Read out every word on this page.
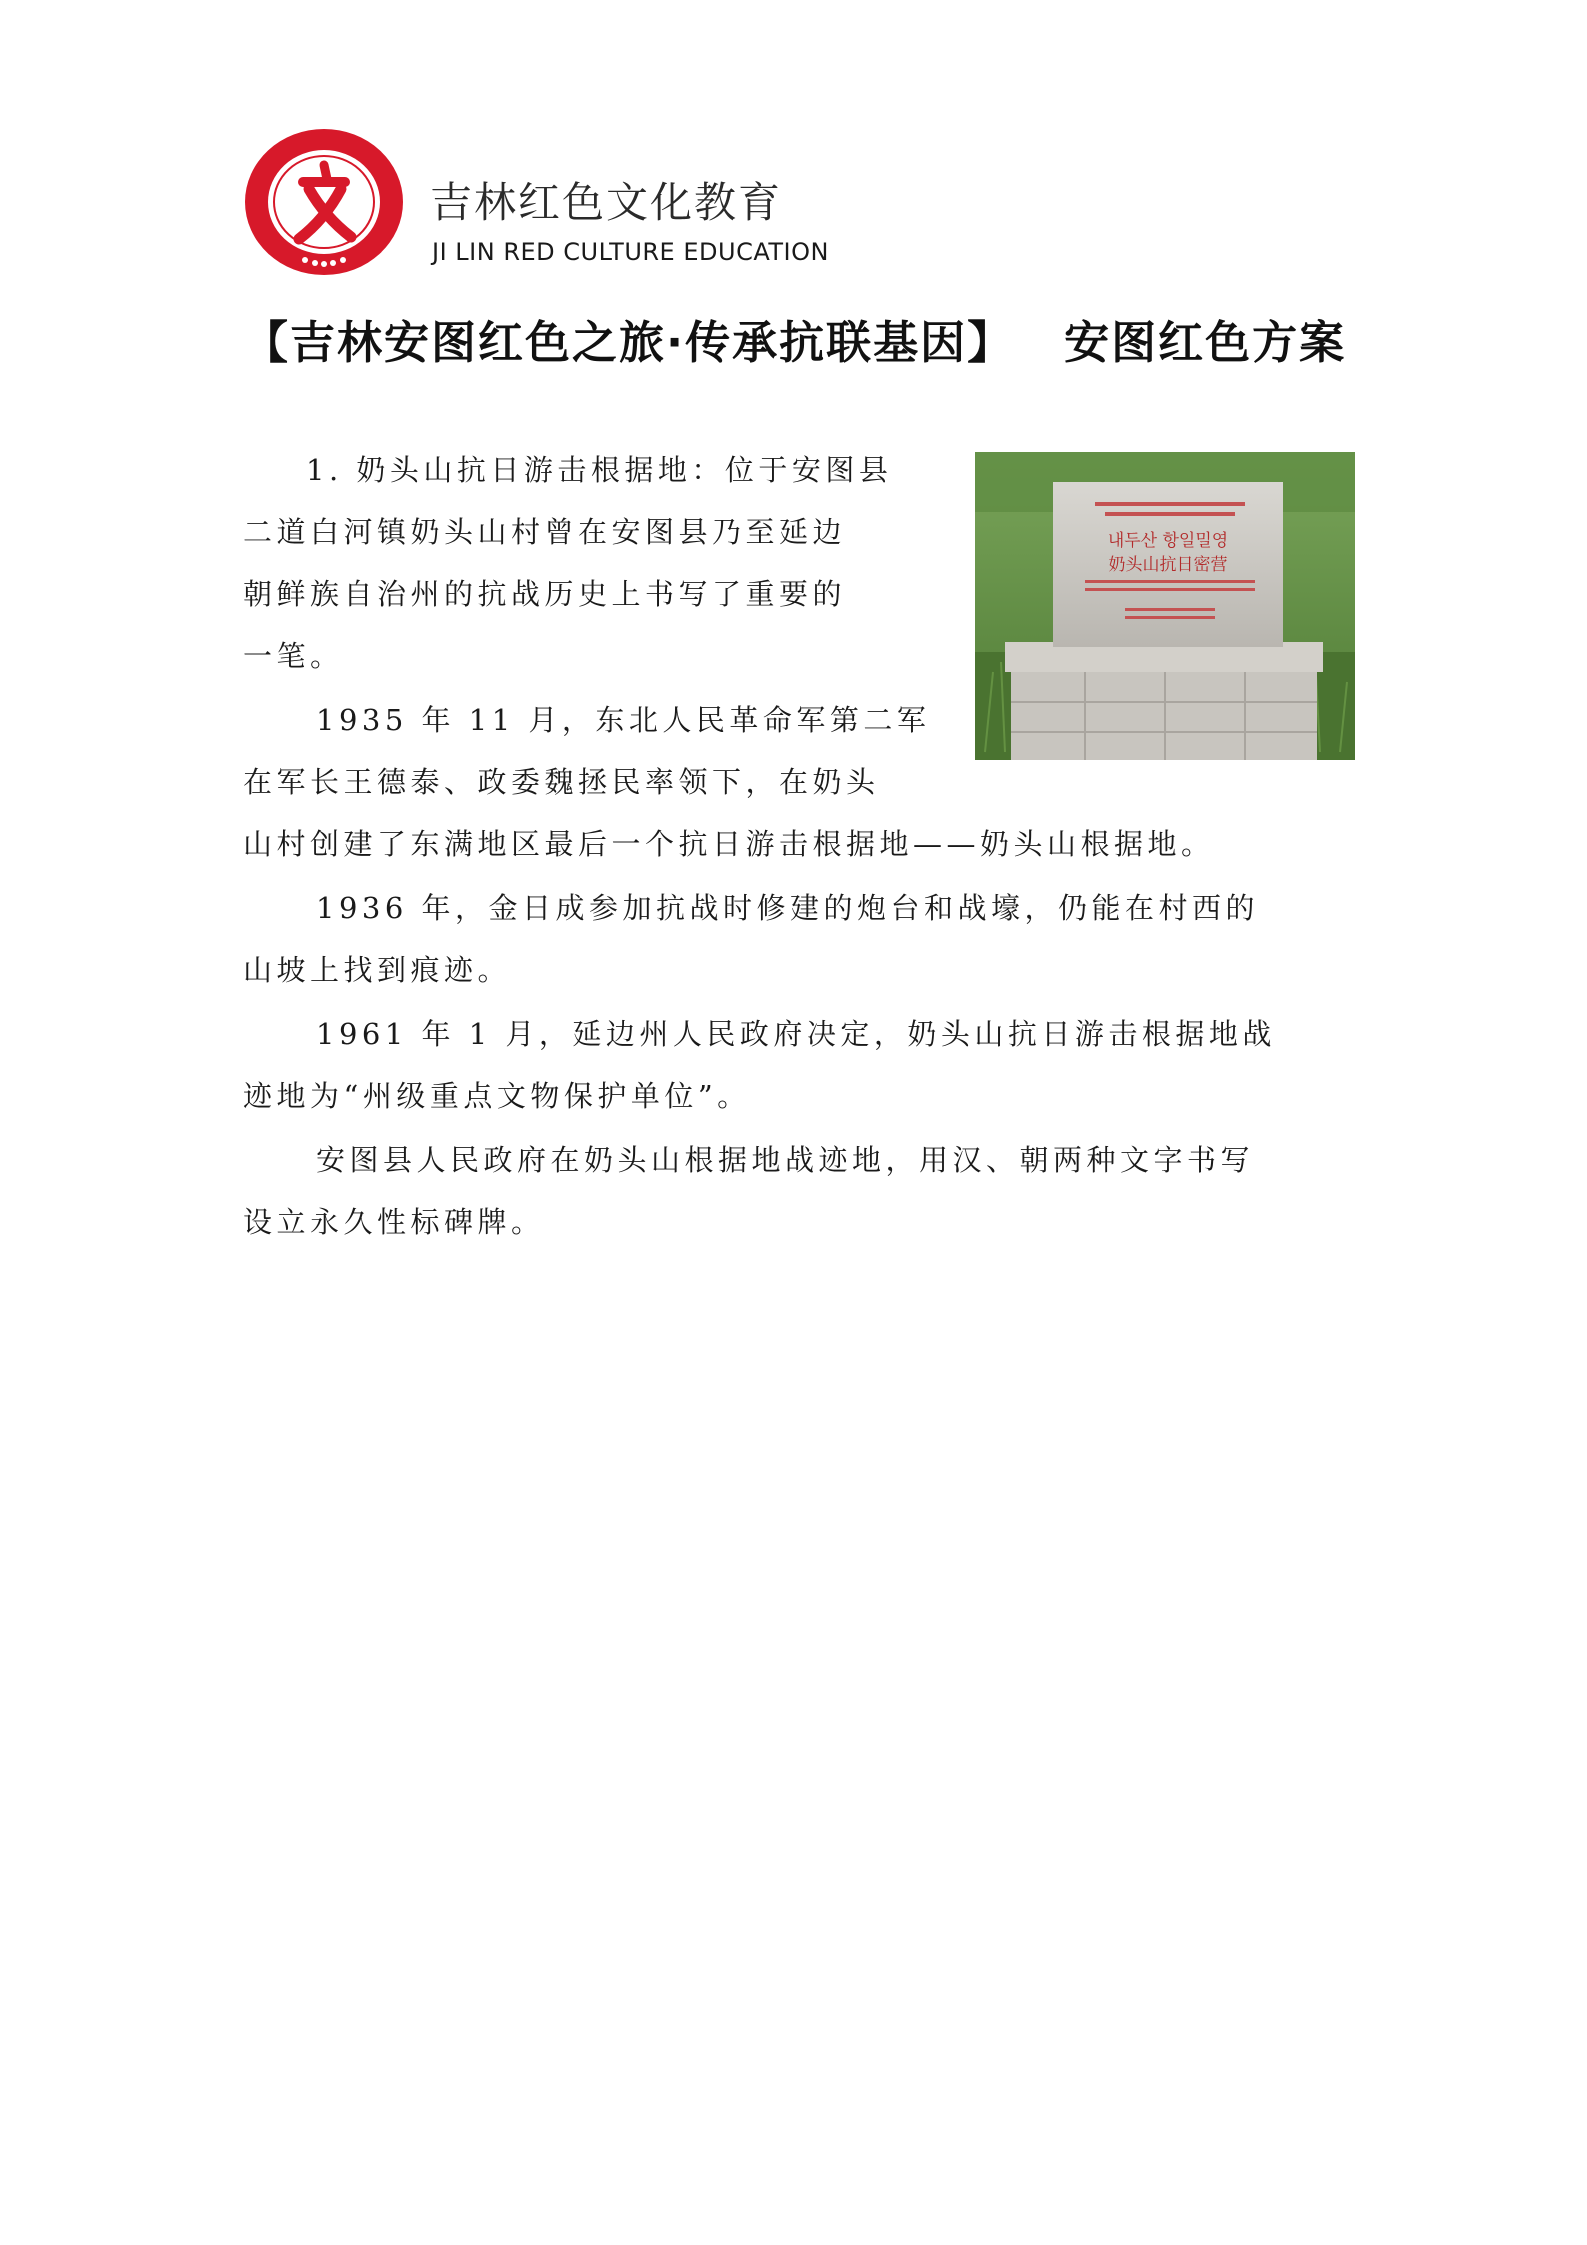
吉林红色文化教育
JI LIN RED CULTURE EDUCATION
【吉林安图红色之旅·传承抗联基因】 安图红色方案
내두산 항일밀영
奶头山抗日密营
1. 奶头山抗日游击根据地：位于安图县
二道白河镇奶头山村曾在安图县乃至延边
朝鲜族自治州的抗战历史上书写了重要的
一笔。
1935 年 11 月，东北人民革命军第二军
在军长王德泰、政委魏拯民率领下，在奶头
山村创建了东满地区最后一个抗日游击根据地——奶头山根据地。
1936 年，金日成参加抗战时修建的炮台和战壕，仍能在村西的
山坡上找到痕迹。
1961 年 1 月，延边州人民政府决定，奶头山抗日游击根据地战
迹地为“州级重点文物保护单位”。
安图县人民政府在奶头山根据地战迹地，用汉、朝两种文字书写
设立永久性标碑牌。
